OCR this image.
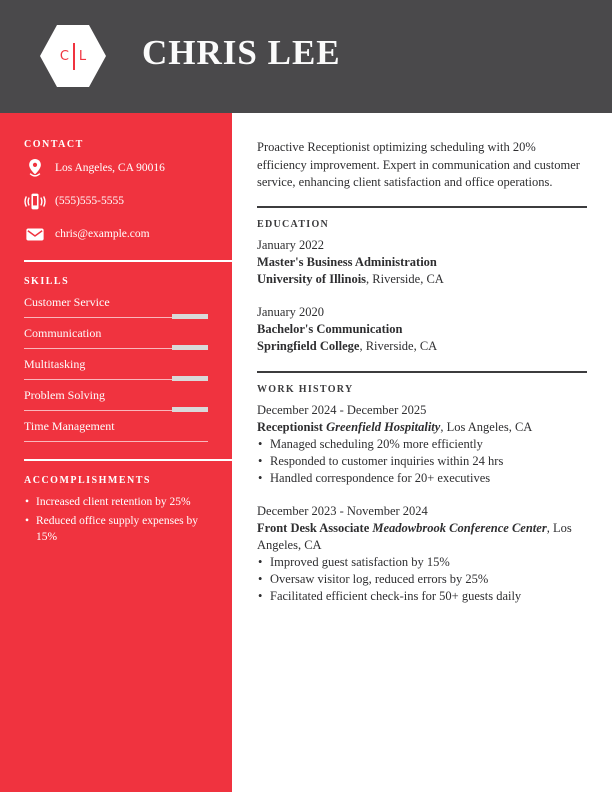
C L CHRIS LEE
CONTACT
Los Angeles, CA 90016
(555)555-5555
chris@example.com
SKILLS
Customer Service
Communication
Multitasking
Problem Solving
Time Management
ACCOMPLISHMENTS
• Increased client retention by 25%
• Reduced office supply expenses by 15%

Proactive Receptionist optimizing scheduling with 20% efficiency improvement. Expert in communication and customer service, enhancing client satisfaction and office operations.

EDUCATION
January 2022
Master's Business Administration
University of Illinois, Riverside, CA
January 2020
Bachelor's Communication
Springfield College, Riverside, CA
WORK HISTORY
December 2024 - December 2025
Receptionist Greenfield Hospitality, Los Angeles, CA
• Managed scheduling 20% more efficiently
• Responded to customer inquiries within 24 hrs
• Handled correspondence for 20+ executives
December 2023 - November 2024
Front Desk Associate Meadowbrook Conference Center, Los Angeles, CA
• Improved guest satisfaction by 15%
• Oversaw visitor log, reduced errors by 25%
• Facilitated efficient check-ins for 50+ guests daily
